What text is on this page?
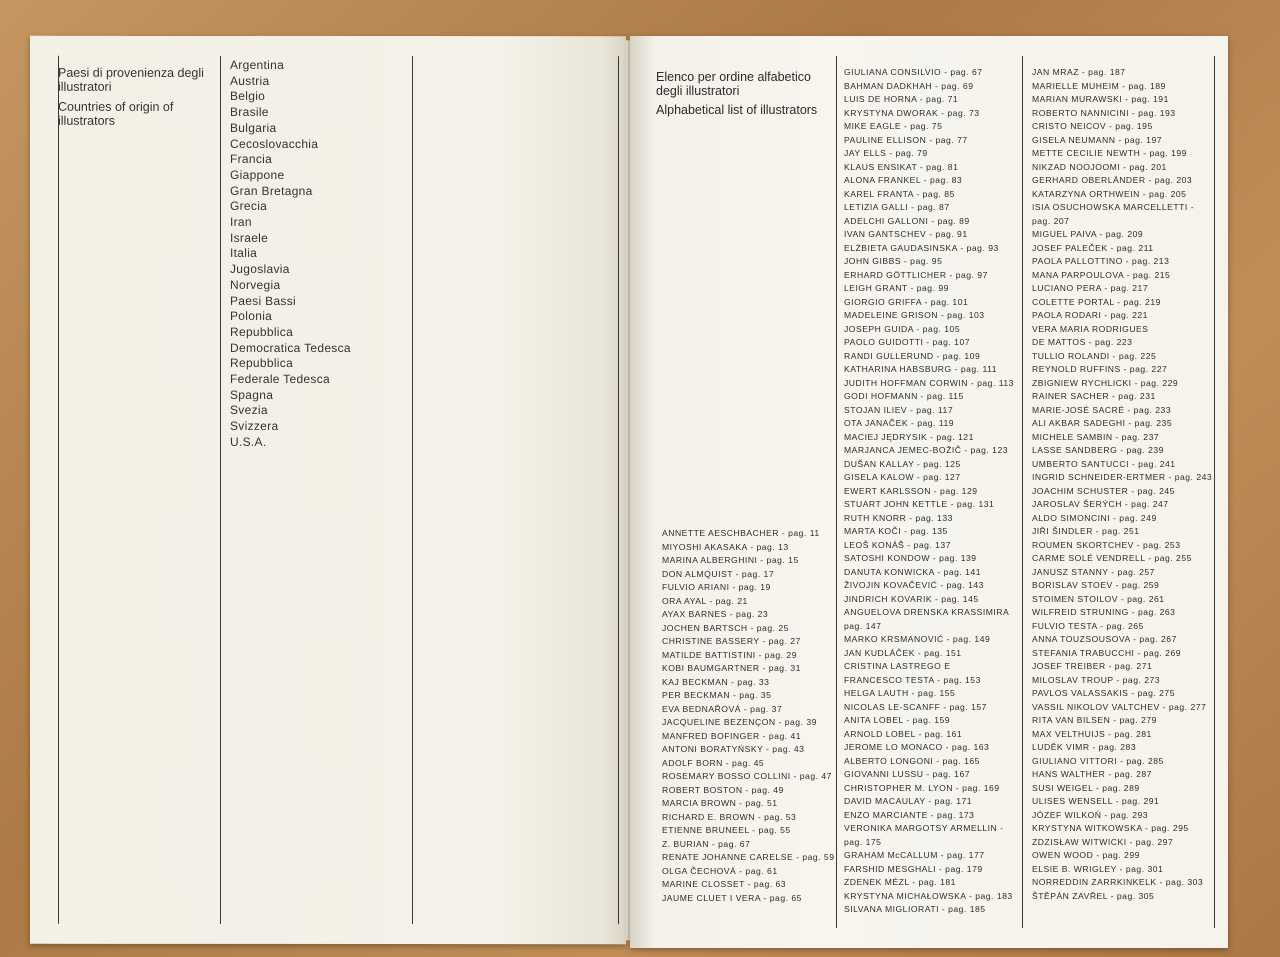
Paesi di provenienza degli illustratori
Countries of origin of illustrators
Argentina
Austria
Belgio
Brasile
Bulgaria
Cecoslovacchia
Francia
Giappone
Gran Bretagna
Grecia
Iran
Israele
Italia
Jugoslavia
Norvegia
Paesi Bassi
Polonia
Repubblica
Democratica Tedesca
Repubblica
Federale Tedesca
Spagna
Svezia
Svizzera
U.S.A.
Elenco per ordine alfabetico degli illustratori
Alphabetical list of illustrators
ANNETTE AESCHBACHER - pag. 11
MIYOSHI AKASAKA - pag. 13
MARINA ALBERGHINI - pag. 15
DON ALMQUIST - pag. 17
FULVIO ARIANI - pag. 19
ORA AYAL - pag. 21
AYAX BARNES - pag. 23
JOCHEN BARTSCH - pag. 25
CHRISTINE BASSERY - pag. 27
MATILDE BATTISTINI - pag. 29
KOBI BAUMGARTNER - pag. 31
KAJ BECKMAN - pag. 33
PER BECKMAN - pag. 35
EVA BEDNAŘOVÁ - pag. 37
JACQUELINE BEZENÇON - pag. 39
MANFRED BOFINGER - pag. 41
ANTONI BORATYŃSKY - pag. 43
ADOLF BORN - pag. 45
ROSEMARY BOSSO COLLINI - pag. 47
ROBERT BOSTON - pag. 49
MARCIA BROWN - pag. 51
RICHARD E. BROWN - pag. 53
ETIENNE BRUNEEL - pag. 55
Z. BURIAN - pag. 67
RENATE JOHANNE CARELSE - pag. 59
OLGA ČECHOVÁ - pag. 61
MARINE CLOSSET - pag. 63
JAUME CLUET I VERA - pag. 65
GIULIANA CONSILVIO - pag. 67
BAHMAN DADKHAH - pag. 69
LUIS DE HORNA - pag. 71
KRYSTYNA DWORAK - pag. 73
MIKE EAGLE - pag. 75
PAULINE ELLISON - pag. 77
JAY ELLS - pag. 79
KLAUS ENSIKAT - pag. 81
ALONA FRANKEL - pag. 83
KAREL FRANTA - pag. 85
LETIZIA GALLI - pag. 87
ADELCHI GALLONI - pag. 89
IVAN GANTSCHEV - pag. 91
ELŻBIETA GAUDASINSKA - pag. 93
JOHN GIBBS - pag. 95
ERHARD GÖTTLICHER - pag. 97
LEIGH GRANT - pag. 99
GIORGIO GRIFFA - pag. 101
MADELEINE GRISON - pag. 103
JOSEPH GUIDA - pag. 105
PAOLO GUIDOTTI - pag. 107
RANDI GULLERUND - pag. 109
KATHARINA HABSBURG - pag. 111
JUDITH HOFFMAN CORWIN - pag. 113
GODI HOFMANN - pag. 115
STOJAN ILIEV - pag. 117
OTA JANAČEK - pag. 119
MACIEJ JĘDRYSIK - pag. 121
MARJANCA JEMEC-BOŽIČ - pag. 123
DUŠAN KALLAY - pag. 125
GISELA KALOW - pag. 127
EWERT KARLSSON - pag. 129
STUART JOHN KETTLE - pag. 131
RUTH KNORR - pag. 133
MARTA KOČI - pag. 135
LEOŠ KONÁŠ - pag. 137
SATOSHI KONDOW - pag. 139
DANUTA KONWICKA - pag. 141
ŽIVOJIN KOVAČEVIĆ - pag. 143
JINDRICH KOVARIK - pag. 145
ANGUELOVA DRENSKA KRASSIMIRA
pag. 147
MARKO KRSMANOVIĆ - pag. 149
JAN KUDLÁČEK - pag. 151
CRISTINA LASTREGO E
FRANCESCO TESTA - pag. 153
HELGA LAUTH - pag. 155
NICOLAS LE-SCANFF - pag. 157
ANITA LOBEL - pag. 159
ARNOLD LOBEL - pag. 161
JEROME LO MONACO - pag. 163
ALBERTO LONGONI - pag. 165
GIOVANNI LUSSU - pag. 167
CHRISTOPHER M. LYON - pag. 169
DAVID MACAULAY - pag. 171
ENZO MARCIANTE - pag. 173
VERONIKA MARGOTSY ARMELLIN -
pag. 175
GRAHAM McCALLUM - pag. 177
FARSHID MESGHALI - pag. 179
ZDENEK MÉZL - pag. 181
KRYSTYNA MICHAŁOWSKA - pag. 183
SILVANA MIGLIORATI - pag. 185
JAN MRAZ - pag. 187
MARIELLE MUHEIM - pag. 189
MARIAN MURAWSKI - pag. 191
ROBERTO NANNICINI - pag. 193
CRISTO NEICOV - pag. 195
GISELA NEUMANN - pag. 197
METTE CECILIE NEWTH - pag. 199
NIKZAD NOOJOOMI - pag. 201
GERHARD OBERLÄNDER - pag. 203
KATARZYNA ORTHWEIN - pag. 205
ISIA OSUCHOWSKA MARCELLETTI -
pag. 207
MIGUEL PAIVA - pag. 209
JOSEF PALEČEK - pag. 211
PAOLA PALLOTTINO - pag. 213
MANA PARPOULOVA - pag. 215
LUCIANO PERA - pag. 217
COLETTE PORTAL - pag. 219
PAOLA RODARI - pag. 221
VERA MARIA RODRIGUES
DE MATTOS - pag. 223
TULLIO ROLANDI - pag. 225
REYNOLD RUFFINS - pag. 227
ZBIGNIEW RYCHLICKI - pag. 229
RAINER SACHER - pag. 231
MARIE-JOSÉ SACRÉ - pag. 233
ALI AKBAR SADEGHI - pag. 235
MICHELE SAMBIN - pag. 237
LASSE SANDBERG - pag. 239
UMBERTO SANTUCCI - pag. 241
INGRID SCHNEIDER-ERTMER - pag. 243
JOACHIM SCHUSTER - pag. 245
JAROSLAV ŠERÝCH - pag. 247
ALDO SIMONCINI - pag. 249
JIŘI ŠINDLER - pag. 251
ROUMEN SKORTCHEV - pag. 253
CARME SOLÉ VENDRELL - pag. 255
JANUSZ STANNY - pag. 257
BORISLAV STOEV - pag. 259
STOIMEN STOILOV - pag. 261
WILFREID STRUNING - pag. 263
FULVIO TESTA - pag. 265
ANNA TOUZSOUSOVA - pag. 267
STEFANIA TRABUCCHI - pag. 269
JOSEF TREIBER - pag. 271
MILOSLAV TROUP - pag. 273
PAVLOS VALASSAKIS - pag. 275
VASSIL NIKOLOV VALTCHEV - pag. 277
RITA VAN BILSEN - pag. 279
MAX VELTHUIJS - pag. 281
LUDĚK VIMR - pag. 283
GIULIANO VITTORI - pag. 285
HANS WALTHER - pag. 287
SUSI WEIGEL - pag. 289
ULISES WENSELL - pag. 291
JÓZEF WILKOŃ - pag. 293
KRYSTYNA WITKOWSKA - pag. 295
ZDZISŁAW WITWICKI - pag. 297
OWEN WOOD - pag. 299
ELSIE B. WRIGLEY - pag. 301
NORREDDIN ZARRKINKELK - pag. 303
ŠTĚPÁN ZAVŘEL - pag. 305
